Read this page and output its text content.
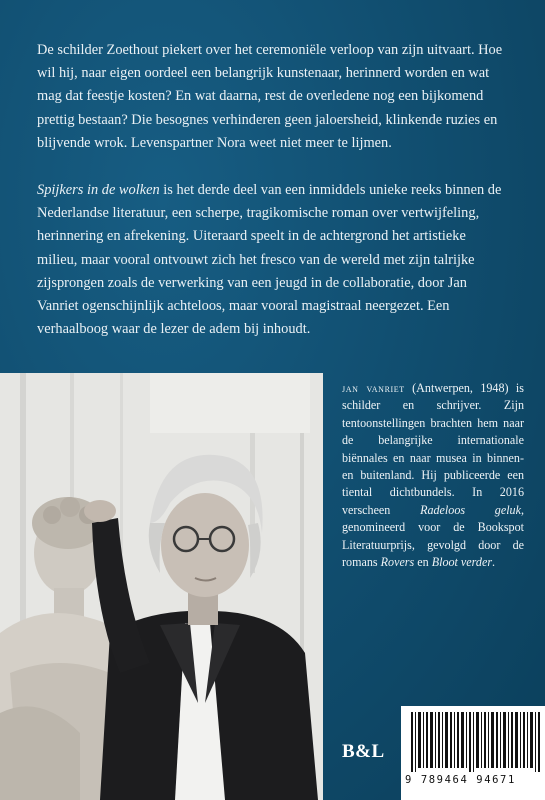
De schilder Zoethout piekert over het ceremoniële verloop van zijn uitvaart. Hoe wil hij, naar eigen oordeel een belangrijk kunstenaar, herinnerd worden en wat mag dat feestje kosten? En wat daarna, rest de overledene nog een bijkomend prettig bestaan? Die besognes verhinderen geen jaloersheid, klinkende ruzies en blijvende wrok. Levenspartner Nora weet niet meer te lijmen.

Spijkers in de wolken is het derde deel van een inmiddels unieke reeks binnen de Nederlandse literatuur, een scherpe, tragikomische roman over vertwijfeling, herinnering en afrekening. Uiteraard speelt in de achtergrond het artistieke milieu, maar vooral ontvouwt zich het fresco van de wereld met zijn talrijke zijsprongen zoals de verwerking van een jeugd in de collaboratie, door Jan Vanriet ogenschijnlijk achteloos, maar vooral magistraal neergezet. Een verhaalboog waar de lezer de adem bij inhoudt.

jan vanriet (Antwerpen, 1948) is schilder en schrijver. Zijn tentoonstellingen brachten hem naar de belangrijke internationale biënnales en naar musea in binnen- en buitenland. Hij publiceerde een tiental dichtbundels. In 2016 verscheen Radeloos geluk, genomineerd voor de Bookspot Literatuurprijs, gevolgd door de romans Rovers en Bloot verder.
B&L
9 789464 94671
